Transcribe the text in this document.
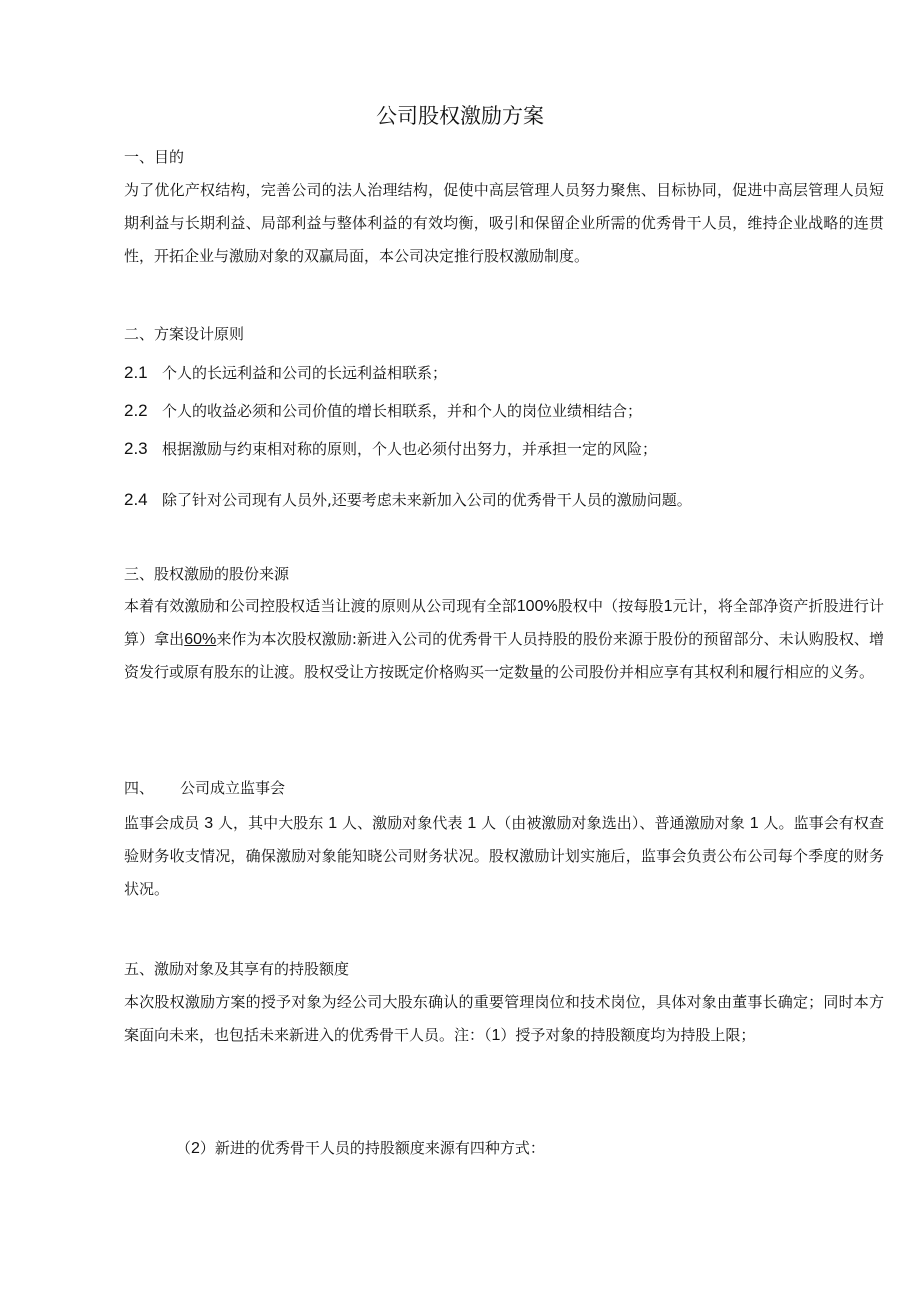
公司股权激励方案
一、目的
为了优化产权结构，完善公司的法人治理结构，促使中高层管理人员努力聚焦、目标协同，促进中高层管理人员短期利益与长期利益、局部利益与整体利益的有效均衡，吸引和保留企业所需的优秀骨干人员，维持企业战略的连贯性，开拓企业与激励对象的双赢局面，本公司决定推行股权激励制度。
二、方案设计原则
2.1 个人的长远利益和公司的长远利益相联系；
2.2 个人的收益必须和公司价值的增长相联系，并和个人的岗位业绩相结合；
2.3 根据激励与约束相对称的原则，个人也必须付出努力，并承担一定的风险；
2.4 除了针对公司现有人员外,还要考虑未来新加入公司的优秀骨干人员的激励问题。
三、股权激励的股份来源
本着有效激励和公司控股权适当让渡的原则从公司现有全部100%股权中（按每股1元计，将全部净资产折股进行计算）拿出60%来作为本次股权激励:新进入公司的优秀骨干人员持股的股份来源于股份的预留部分、未认购股权、增资发行或原有股东的让渡。股权受让方按既定价格购买一定数量的公司股份并相应享有其权利和履行相应的义务。
四、 公司成立监事会
监事会成员 3 人，其中大股东 1 人、激励对象代表 1 人（由被激励对象选出）、普通激励对象 1 人。监事会有权查验财务收支情况，确保激励对象能知晓公司财务状况。股权激励计划实施后，监事会负责公布公司每个季度的财务状况。
五、激励对象及其享有的持股额度
本次股权激励方案的授予对象为经公司大股东确认的重要管理岗位和技术岗位，具体对象由董事长确定；同时本方案面向未来，也包括未来新进入的优秀骨干人员。注：（1）授予对象的持股额度均为持股上限；
（2）新进的优秀骨干人员的持股额度来源有四种方式：
